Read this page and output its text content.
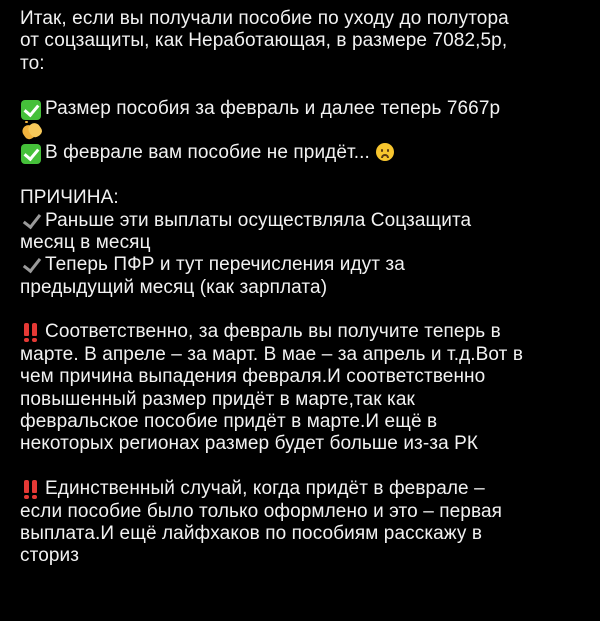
Итак, если вы получали пособие по уходу до полутора
от соцзащиты, как Неработающая, в размере 7082,5р,
то:
Размер пособия за февраль и далее теперь 7667р
В феврале вам пособие не придёт...
ПРИЧИНА:
Раньше эти выплаты осуществляла Соцзащита
месяц в месяц
Теперь ПФР и тут перечисления идут за
предыдущий месяц (как зарплата)
Соответственно, за февраль вы получите теперь в
марте. В апреле – за март. В мае – за апрель и т.д.Вот в
чем причина выпадения февраля.И соответственно
повышенный размер придёт в марте,так как
февральское пособие придёт в марте.И ещё в
некоторых регионах размер будет больше из-за РК
Единственный случай, когда придёт в феврале –
если пособие было только оформлено и это – первая
выплата.И ещё лайфхаков по пособиям расскажу в
сториз
